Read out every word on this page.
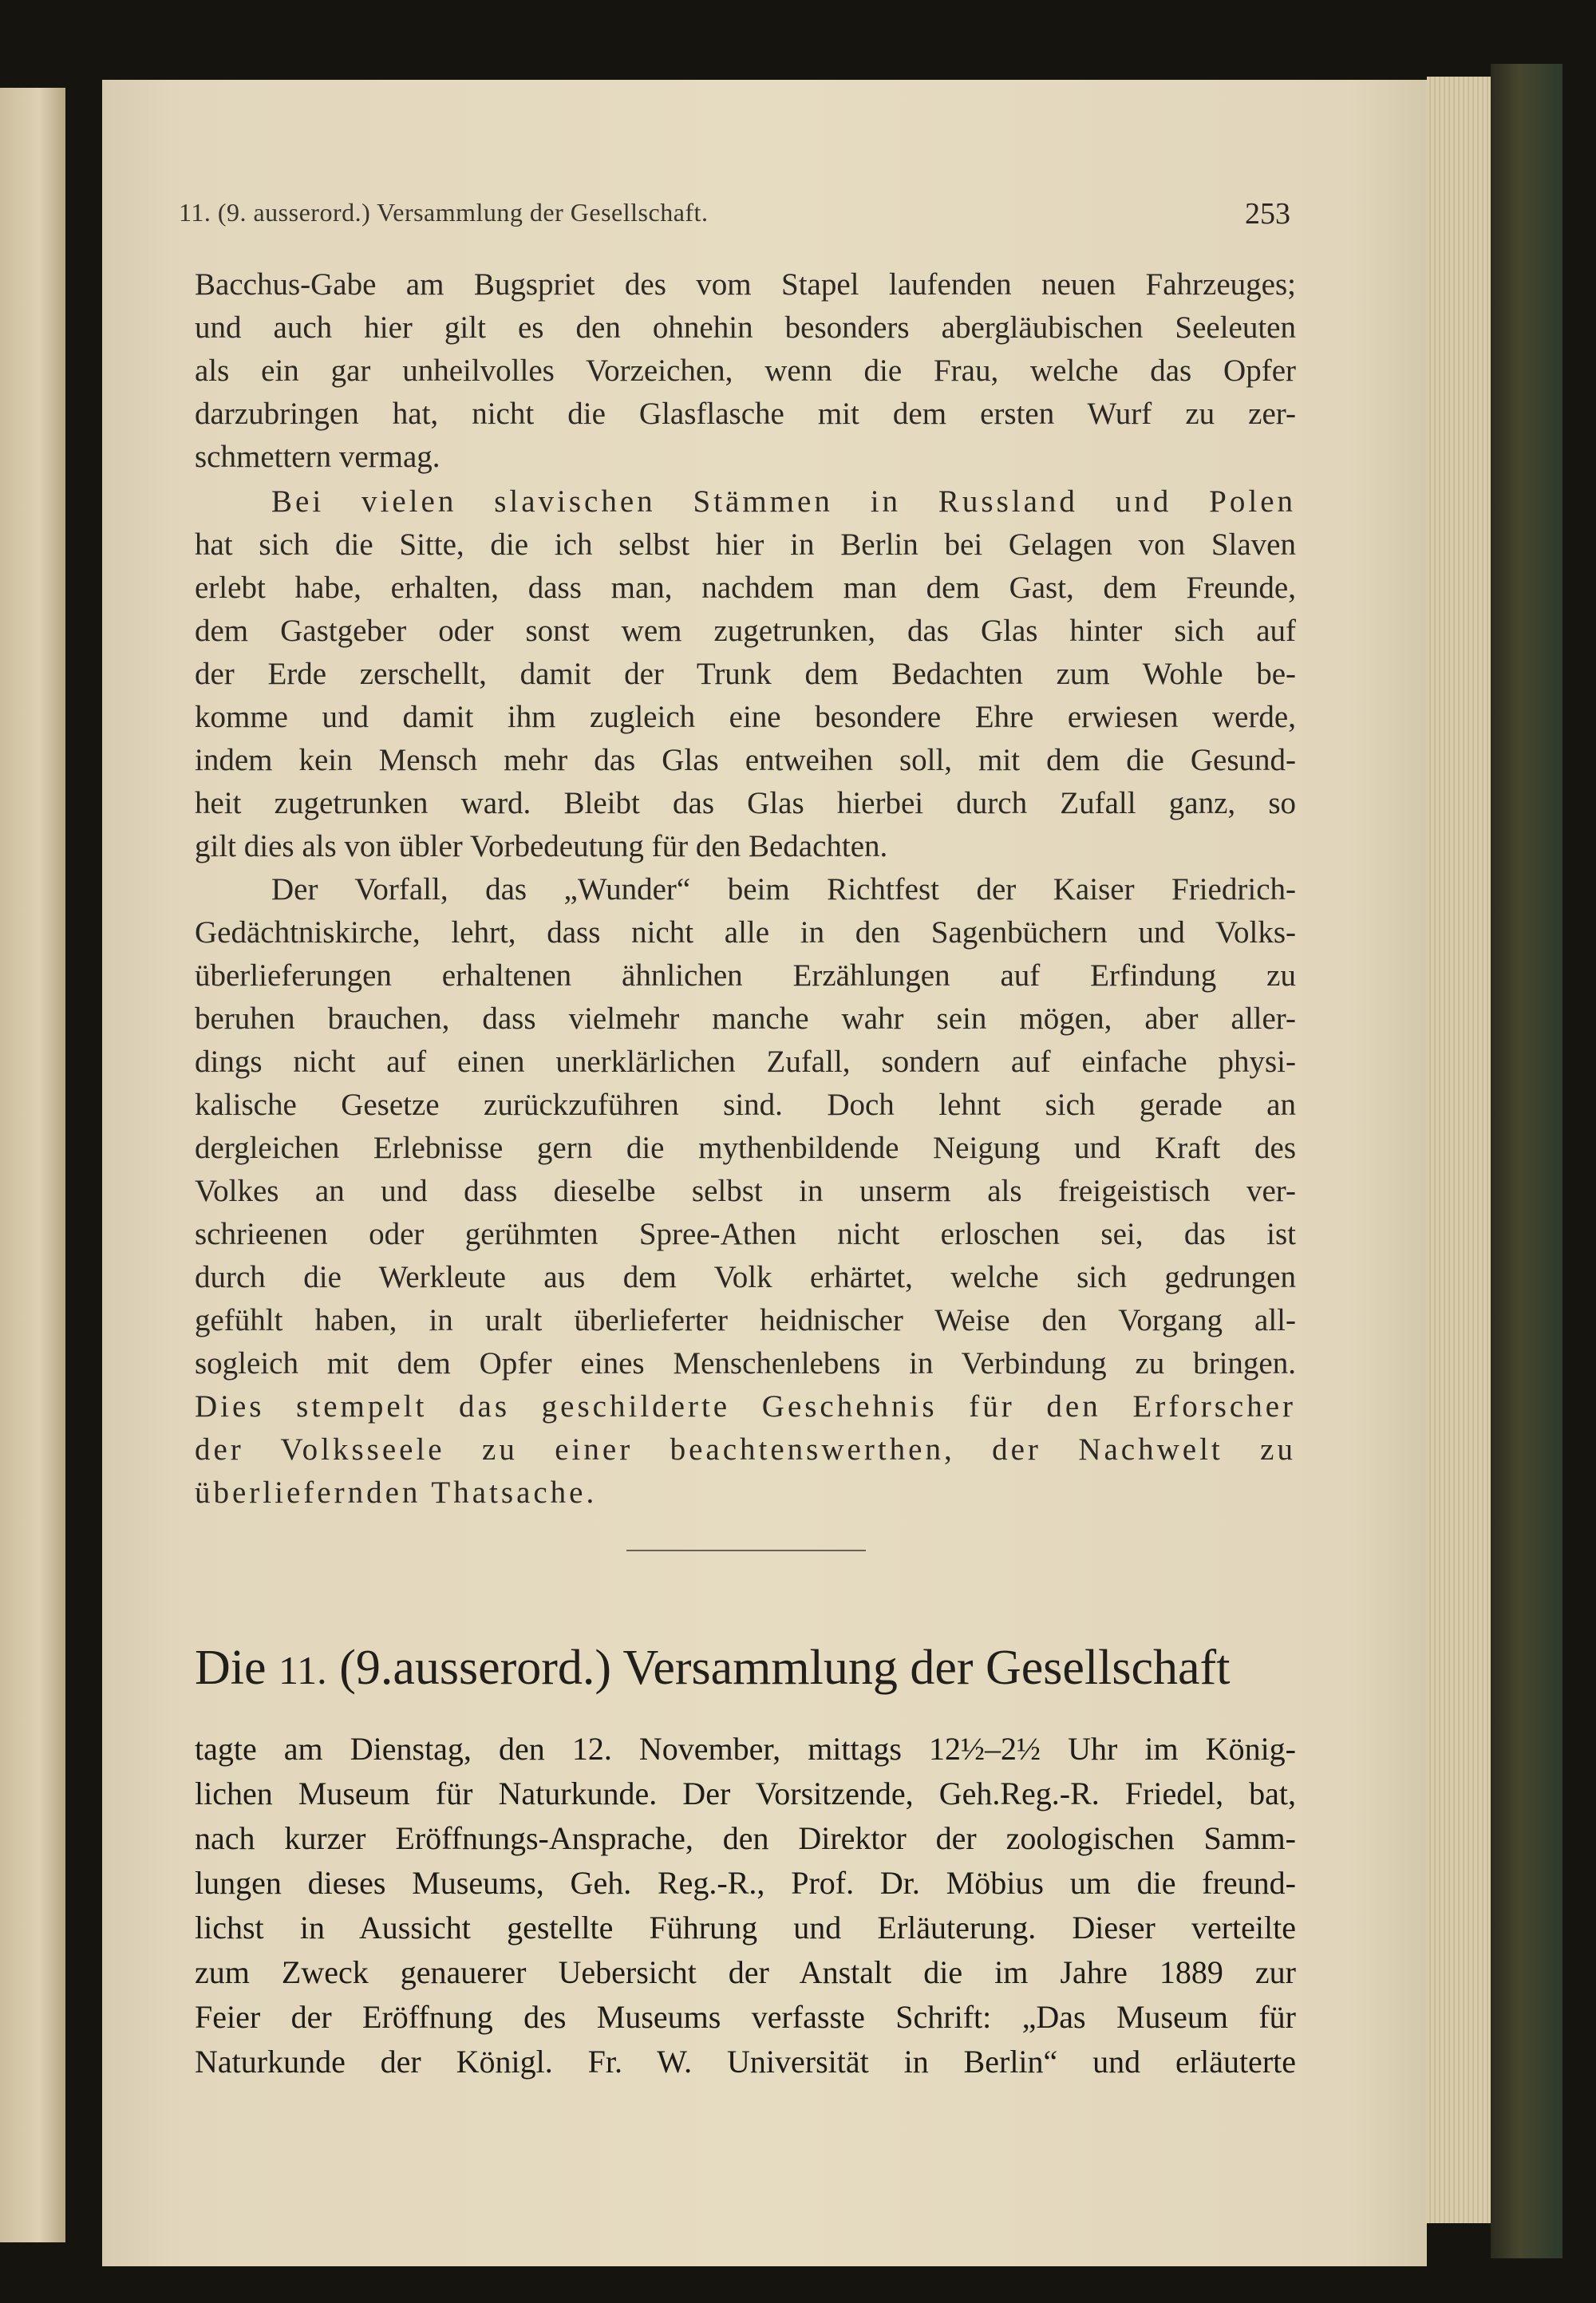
11. (9. ausserord.) Versammlung der Gesellschaft.	253
Bacchus-Gabe am Bugspriet des vom Stapel laufenden neuen Fahrzeuges;
und auch hier gilt es den ohnehin besonders abergläubischen Seeleuten
als ein gar unheilvolles Vorzeichen, wenn die Frau, welche das Opfer
darzubringen hat, nicht die Glasflasche mit dem ersten Wurf zu zer-
schmettern vermag.
Bei vielen slavischen Stämmen in Russland und Polen
hat sich die Sitte, die ich selbst hier in Berlin bei Gelagen von Slaven
erlebt habe, erhalten, dass man, nachdem man dem Gast, dem Freunde,
dem Gastgeber oder sonst wem zugetrunken, das Glas hinter sich auf
der Erde zerschellt, damit der Trunk dem Bedachten zum Wohle be-
komme und damit ihm zugleich eine besondere Ehre erwiesen werde,
indem kein Mensch mehr das Glas entweihen soll, mit dem die Gesund-
heit zugetrunken ward. Bleibt das Glas hierbei durch Zufall ganz, so
gilt dies als von übler Vorbedeutung für den Bedachten.
Der Vorfall, das „Wunder“ beim Richtfest der Kaiser Friedrich-
Gedächtniskirche, lehrt, dass nicht alle in den Sagenbüchern und Volks-
überlieferungen erhaltenen ähnlichen Erzählungen auf Erfindung zu
beruhen brauchen, dass vielmehr manche wahr sein mögen, aber aller-
dings nicht auf einen unerklärlichen Zufall, sondern auf einfache physi-
kalische Gesetze zurückzuführen sind. Doch lehnt sich gerade an
dergleichen Erlebnisse gern die mythenbildende Neigung und Kraft des
Volkes an und dass dieselbe selbst in unserm als freigeistisch ver-
schrieenen oder gerühmten Spree-Athen nicht erloschen sei, das ist
durch die Werkleute aus dem Volk erhärtet, welche sich gedrungen
gefühlt haben, in uralt überlieferter heidnischer Weise den Vorgang all-
sogleich mit dem Opfer eines Menschenlebens in Verbindung zu bringen.
Dies stempelt das geschilderte Geschehnis für den Erforscher
der Volksseele zu einer beachtenswerthen, der Nachwelt zu
überliefernden Thatsache.
Die 11. (9.ausserord.) Versammlung der Gesellschaft
tagte am Dienstag, den 12. November, mittags 12½–2½ Uhr im König-
lichen Museum für Naturkunde. Der Vorsitzende, Geh.Reg.-R. Friedel, bat,
nach kurzer Eröffnungs-Ansprache, den Direktor der zoologischen Samm-
lungen dieses Museums, Geh. Reg.-R., Prof. Dr. Möbius um die freund-
lichst in Aussicht gestellte Führung und Erläuterung. Dieser verteilte
zum Zweck genauerer Uebersicht der Anstalt die im Jahre 1889 zur
Feier der Eröffnung des Museums verfasste Schrift: „Das Museum für
Naturkunde der Königl. Fr. W. Universität in Berlin“ und erläuterte
